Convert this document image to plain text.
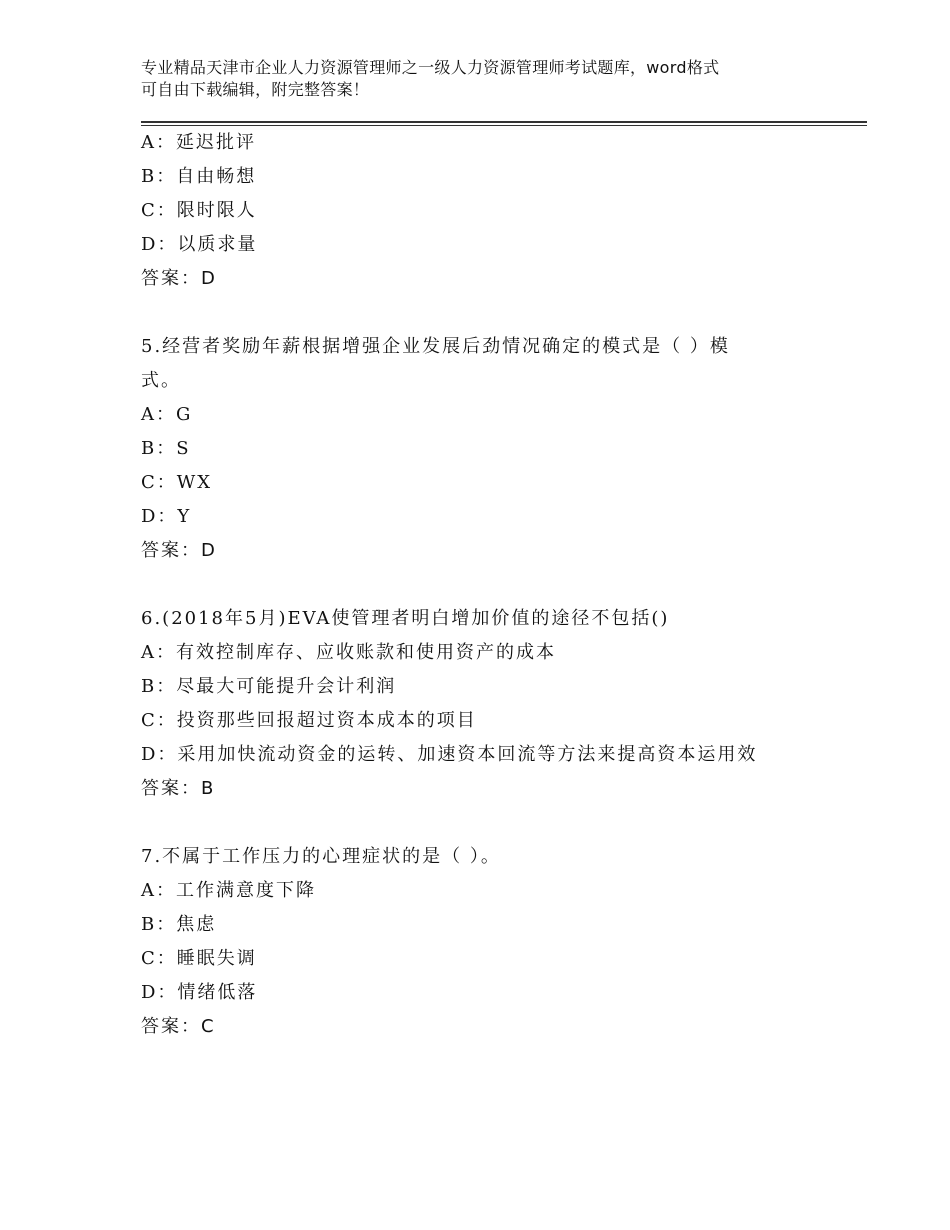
专业精品天津市企业人力资源管理师之一级人力资源管理师考试题库，word格式
可自由下载编辑，附完整答案！
A：延迟批评
B：自由畅想
C：限时限人
D：以质求量
答案：D
5.经营者奖励年薪根据增强企业发展后劲情况确定的模式是（ ）模
式。
A：G
B：S
C：WX
D：Y
答案：D
6.(2018年5月)EVA使管理者明白增加价值的途径不包括()
A：有效控制库存、应收账款和使用资产的成本
B：尽最大可能提升会计利润
C：投资那些回报超过资本成本的项目
D：采用加快流动资金的运转、加速资本回流等方法来提高资本运用效
答案：B
7.不属于工作压力的心理症状的是（ ）。
A：工作满意度下降
B：焦虑
C：睡眠失调
D：情绪低落
答案：C
